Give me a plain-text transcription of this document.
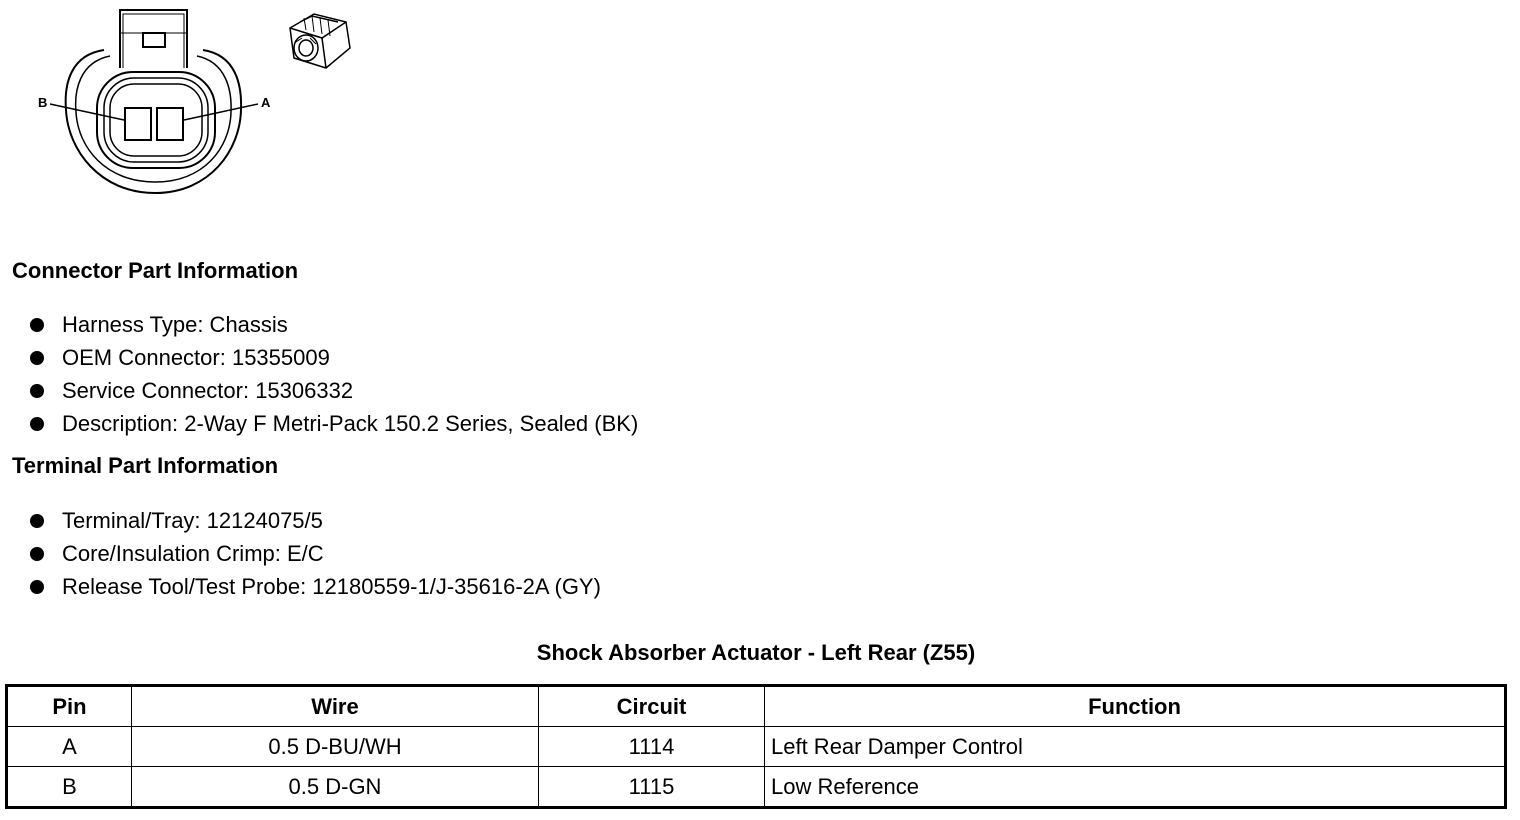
B	A
Connector Part Information
Harness Type: Chassis
OEM Connector: 15355009
Service Connector: 15306332
Description: 2-Way F Metri-Pack 150.2 Series, Sealed (BK)
Terminal Part Information
Terminal/Tray: 12124075/5
Core/Insulation Crimp: E/C
Release Tool/Test Probe: 12180559-1/J-35616-2A (GY)
Shock Absorber Actuator - Left Rear (Z55)
Pin	Wire	Circuit	Function
A	0.5 D-BU/WH	1114	Left Rear Damper Control
B	0.5 D-GN	1115	Low Reference
